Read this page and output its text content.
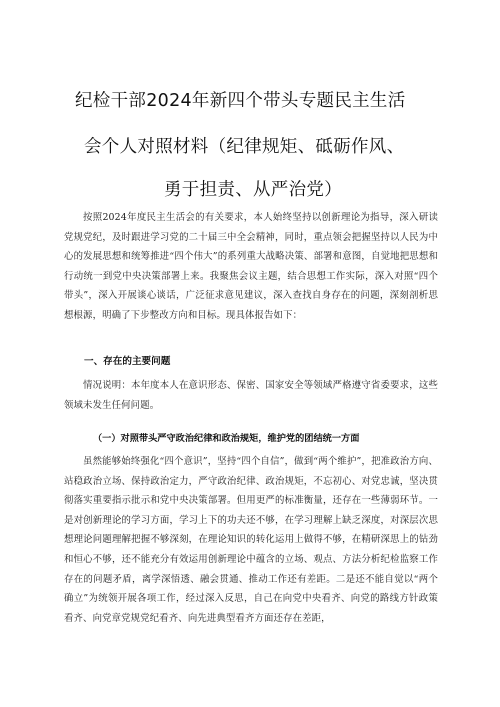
纪检干部2024年新四个带头专题民主生活
会个人对照材料（纪律规矩、砥砺作风、
勇于担责、从严治党）
按照2024年度民主生活会的有关要求，本人始终坚持以创新理论为指导，深入研读党规党纪，及时跟进学习党的二十届三中全会精神，同时，重点领会把握坚持以人民为中心的发展思想和统筹推进“四个伟大”的系列重大战略决策、部署和意图，自觉地把思想和行动统一到党中央决策部署上来。我聚焦会议主题，结合思想工作实际，深入对照“四个带头”，深入开展谈心谈话，广泛征求意见建议，深入查找自身存在的问题，深刻剖析思想根源，明确了下步整改方向和目标。现具体报告如下：
一、存在的主要问题
情况说明：本年度本人在意识形态、保密、国家安全等领域严格遵守省委要求，这些领域未发生任何问题。
（一）对照带头严守政治纪律和政治规矩，维护党的团结统一方面
虽然能够始终强化“四个意识”，坚持“四个自信”，做到“两个维护”，把准政治方向、站稳政治立场、保持政治定力，严守政治纪律、政治规矩，不忘初心、对党忠诚，坚决贯彻落实重要指示批示和党中央决策部署。但用更严的标准衡量，还存在一些薄弱环节。一是对创新理论的学习方面，学习上下的功夫还不够，在学习理解上缺乏深度，对深层次思想理论问题理解把握不够深刻，在理论知识的转化运用上做得不够，在精研深思上的钻劲和恒心不够，还不能充分有效运用创新理论中蕴含的立场、观点、方法分析纪检监察工作存在的问题矛盾，离学深悟透、融会贯通、推动工作还有差距。二是还不能自觉以“两个确立”为统领开展各项工作，经过深入反思，自己在向党中央看齐、向党的路线方针政策看齐、向党章党规党纪看齐、向先进典型看齐方面还存在差距，
